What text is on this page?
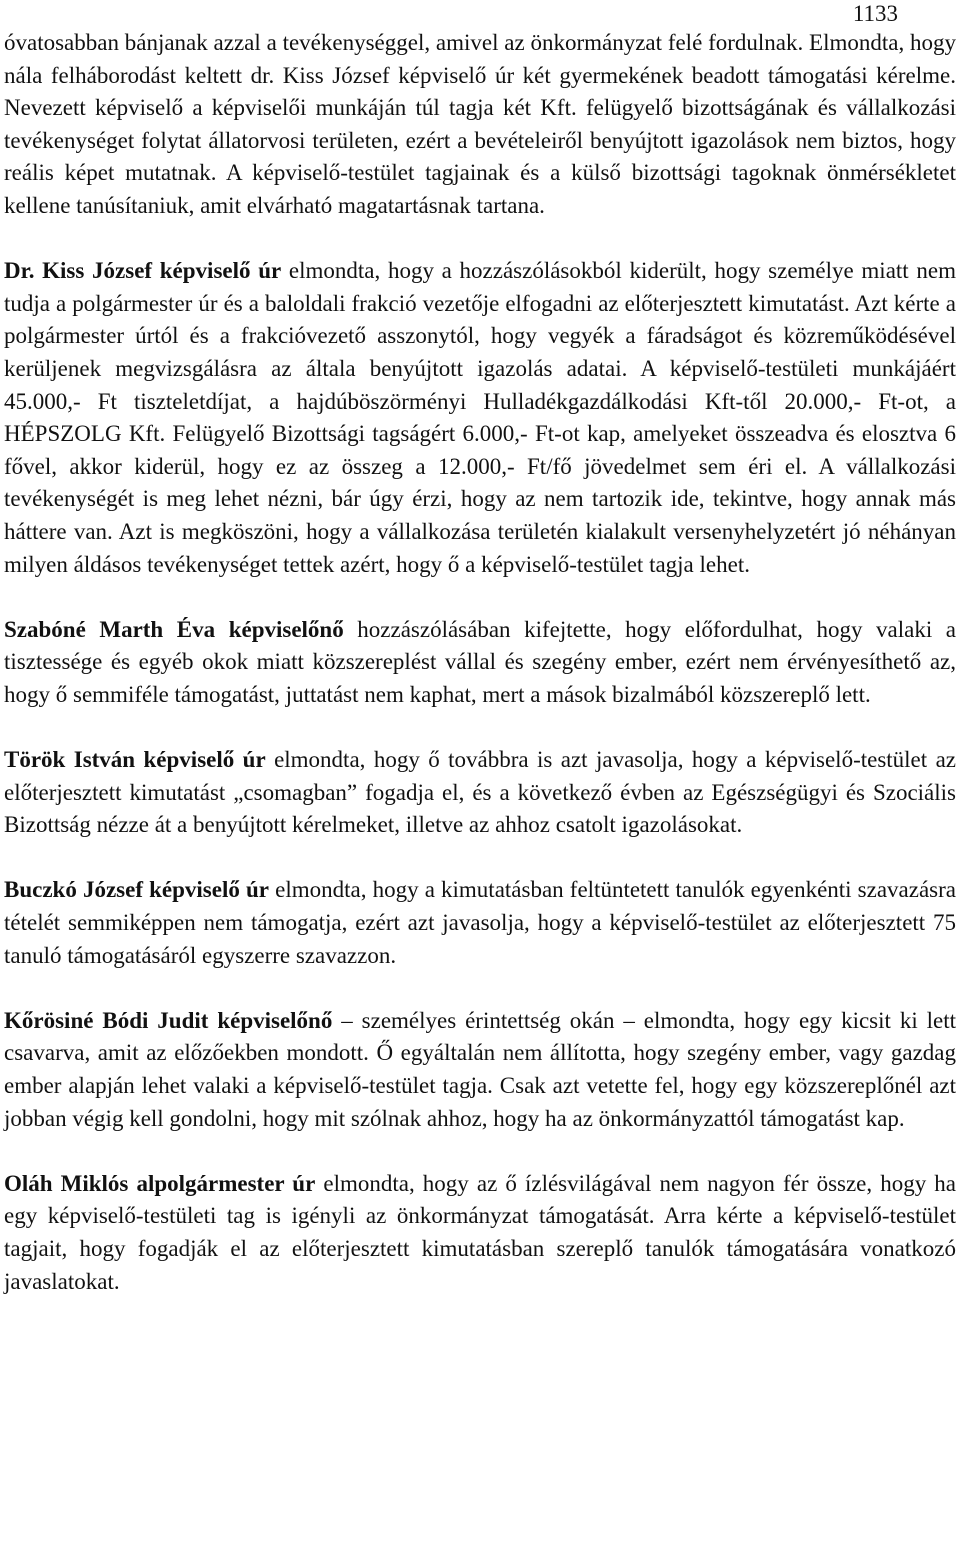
1133

óvatosabban bánjanak azzal a tevékenységgel, amivel az önkormányzat felé fordulnak. Elmondta, hogy nála felháborodást keltett dr. Kiss József képviselő úr két gyermekének beadott támogatási kérelme. Nevezett képviselő a képviselői munkáján túl tagja két Kft. felügyelő bizottságának és vállalkozási tevékenységet folytat állatorvosi területen, ezért a bevételeiről benyújtott igazolások nem biztos, hogy reális képet mutatnak. A képviselő-testület tagjainak és a külső bizottsági tagoknak önmérsékletet kellene tanúsítaniuk, amit elvárható magatartásnak tartana.

Dr. Kiss József képviselő úr elmondta, hogy a hozzászólásokból kiderült, hogy személye miatt nem tudja a polgármester úr és a baloldali frakció vezetője elfogadni az előterjesztett kimutatást. Azt kérte a polgármester úrtól és a frakcióvezető asszonytól, hogy vegyék a fáradságot és közreműködésével kerüljenek megvizsgálásra az általa benyújtott igazolás adatai. A képviselő-testületi munkájáért 45.000,- Ft tiszteletdíjat, a hajdúböszörményi Hulladékgazdálkodási Kft-től 20.000,- Ft-ot, a HÉPSZOLG Kft. Felügyelő Bizottsági tagságért 6.000,- Ft-ot kap, amelyeket összeadva és elosztva 6 fővel, akkor kiderül, hogy ez az összeg a 12.000,- Ft/fő jövedelmet sem éri el. A vállalkozási tevékenységét is meg lehet nézni, bár úgy érzi, hogy az nem tartozik ide, tekintve, hogy annak más háttere van. Azt is megköszöni, hogy a vállalkozása területén kialakult versenyhelyzetért jó néhányan milyen áldásos tevékenységet tettek azért, hogy ő a képviselő-testület tagja lehet.

Szabóné Marth Éva képviselőnő hozzászólásában kifejtette, hogy előfordulhat, hogy valaki a tisztessége és egyéb okok miatt közszereplést vállal és szegény ember, ezért nem érvényesíthető az, hogy ő semmiféle támogatást, juttatást nem kaphat, mert a mások bizalmából közszereplő lett.

Török István képviselő úr elmondta, hogy ő továbbra is azt javasolja, hogy a képviselő-testület az előterjesztett kimutatást „csomagban” fogadja el, és a következő évben az Egészségügyi és Szociális Bizottság nézze át a benyújtott kérelmeket, illetve az ahhoz csatolt igazolásokat.

Buczkó József képviselő úr elmondta, hogy a kimutatásban feltüntetett tanulók egyenkénti szavazásra tételét semmiképpen nem támogatja, ezért azt javasolja, hogy a képviselő-testület az előterjesztett 75 tanuló támogatásáról egyszerre szavazzon.

Kőrösiné Bódi Judit képviselőnő – személyes érintettség okán – elmondta, hogy egy kicsit ki lett csavarva, amit az előzőekben mondott. Ő egyáltalán nem állította, hogy szegény ember, vagy gazdag ember alapján lehet valaki a képviselő-testület tagja. Csak azt vetette fel, hogy egy közszereplőnél azt jobban végig kell gondolni, hogy mit szólnak ahhoz, hogy ha az önkormányzattól támogatást kap.

Oláh Miklós alpolgármester úr elmondta, hogy az ő ízlésvilágával nem nagyon fér össze, hogy ha egy képviselő-testületi tag is igényli az önkormányzat támogatását. Arra kérte a képviselő-testület tagjait, hogy fogadják el az előterjesztett kimutatásban szereplő tanulók támogatására vonatkozó javaslatokat.
